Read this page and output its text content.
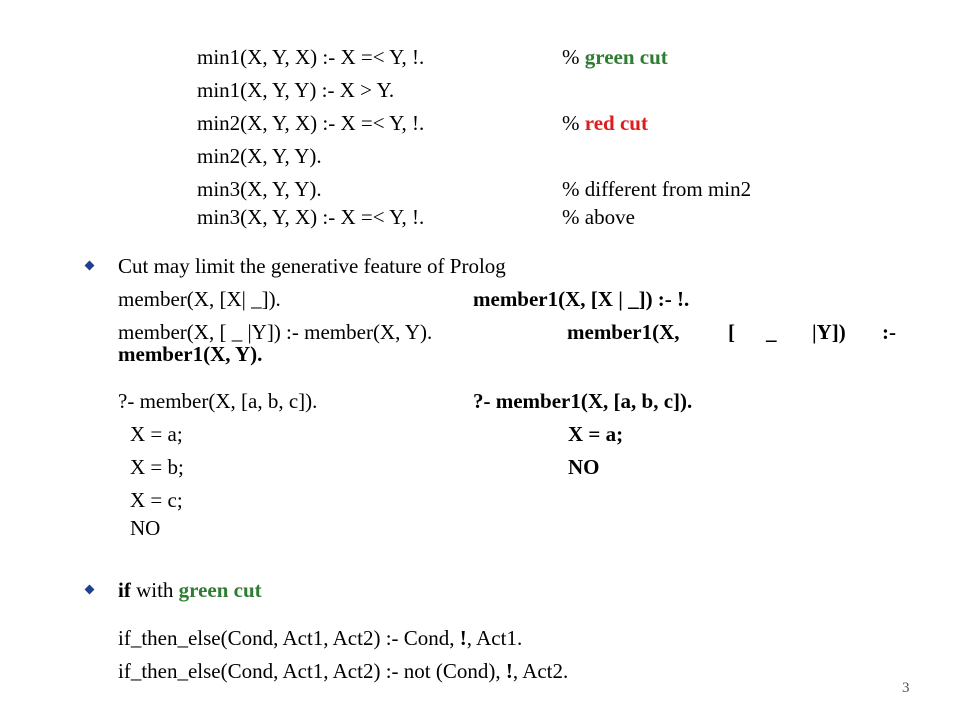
min1(X, Y, X) :- X =< Y, !.	% green cut
min1(X, Y, Y) :- X > Y.
min2(X, Y, X) :- X =< Y, !.	% red cut
min2(X, Y, Y).
min3(X, Y, Y).	% different from min2
min3(X, Y, X) :- X =< Y, !.	% above
Cut may limit the generative feature of Prolog
member(X, [X| _]).	member1(X, [X | _]) :- !.
member(X, [ _ |Y]) :- member(X, Y).	member1(X, [ _ |Y]) :-
member1(X, Y).
?- member(X, [a, b, c]).	?- member1(X, [a, b, c]).
X = a;	X = a;
X = b;	NO
X = c;
NO
if with green cut
if_then_else(Cond, Act1, Act2) :- Cond, !, Act1.
if_then_else(Cond, Act1, Act2) :- not (Cond), !, Act2.
3
